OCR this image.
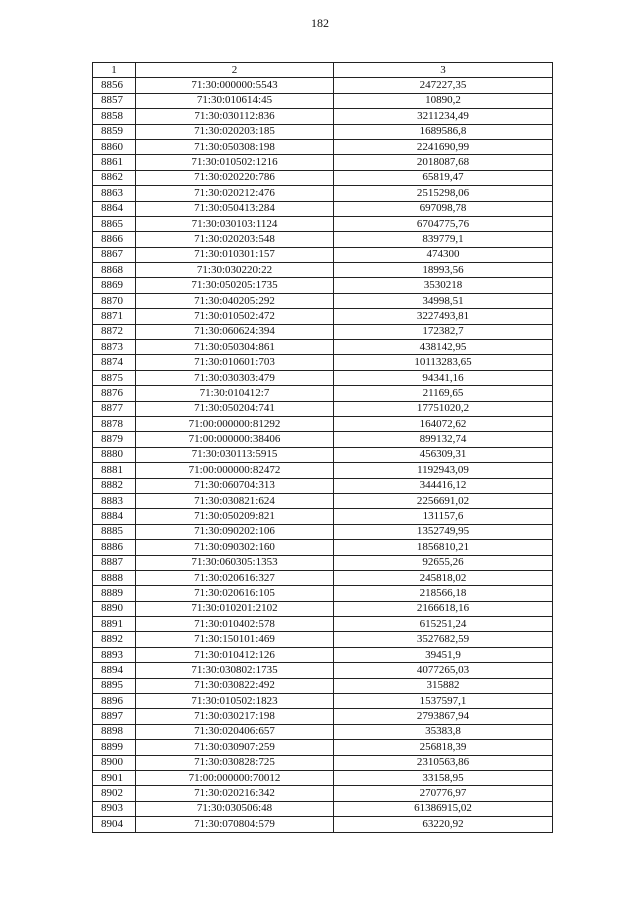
182
1	2	3
8856	71:30:000000:5543	247227,35
8857	71:30:010614:45	10890,2
8858	71:30:030112:836	3211234,49
8859	71:30:020203:185	1689586,8
8860	71:30:050308:198	2241690,99
8861	71:30:010502:1216	2018087,68
8862	71:30:020220:786	65819,47
8863	71:30:020212:476	2515298,06
8864	71:30:050413:284	697098,78
8865	71:30:030103:1124	6704775,76
8866	71:30:020203:548	839779,1
8867	71:30:010301:157	474300
8868	71:30:030220:22	18993,56
8869	71:30:050205:1735	3530218
8870	71:30:040205:292	34998,51
8871	71:30:010502:472	3227493,81
8872	71:30:060624:394	172382,7
8873	71:30:050304:861	438142,95
8874	71:30:010601:703	10113283,65
8875	71:30:030303:479	94341,16
8876	71:30:010412:7	21169,65
8877	71:30:050204:741	17751020,2
8878	71:00:000000:81292	164072,62
8879	71:00:000000:38406	899132,74
8880	71:30:030113:5915	456309,31
8881	71:00:000000:82472	1192943,09
8882	71:30:060704:313	344416,12
8883	71:30:030821:624	2256691,02
8884	71:30:050209:821	131157,6
8885	71:30:090202:106	1352749,95
8886	71:30:090302:160	1856810,21
8887	71:30:060305:1353	92655,26
8888	71:30:020616:327	245818,02
8889	71:30:020616:105	218566,18
8890	71:30:010201:2102	2166618,16
8891	71:30:010402:578	615251,24
8892	71:30:150101:469	3527682,59
8893	71:30:010412:126	39451,9
8894	71:30:030802:1735	4077265,03
8895	71:30:030822:492	315882
8896	71:30:010502:1823	1537597,1
8897	71:30:030217:198	2793867,94
8898	71:30:020406:657	35383,8
8899	71:30:030907:259	256818,39
8900	71:30:030828:725	2310563,86
8901	71:00:000000:70012	33158,95
8902	71:30:020216:342	270776,97
8903	71:30:030506:48	61386915,02
8904	71:30:070804:579	63220,92
